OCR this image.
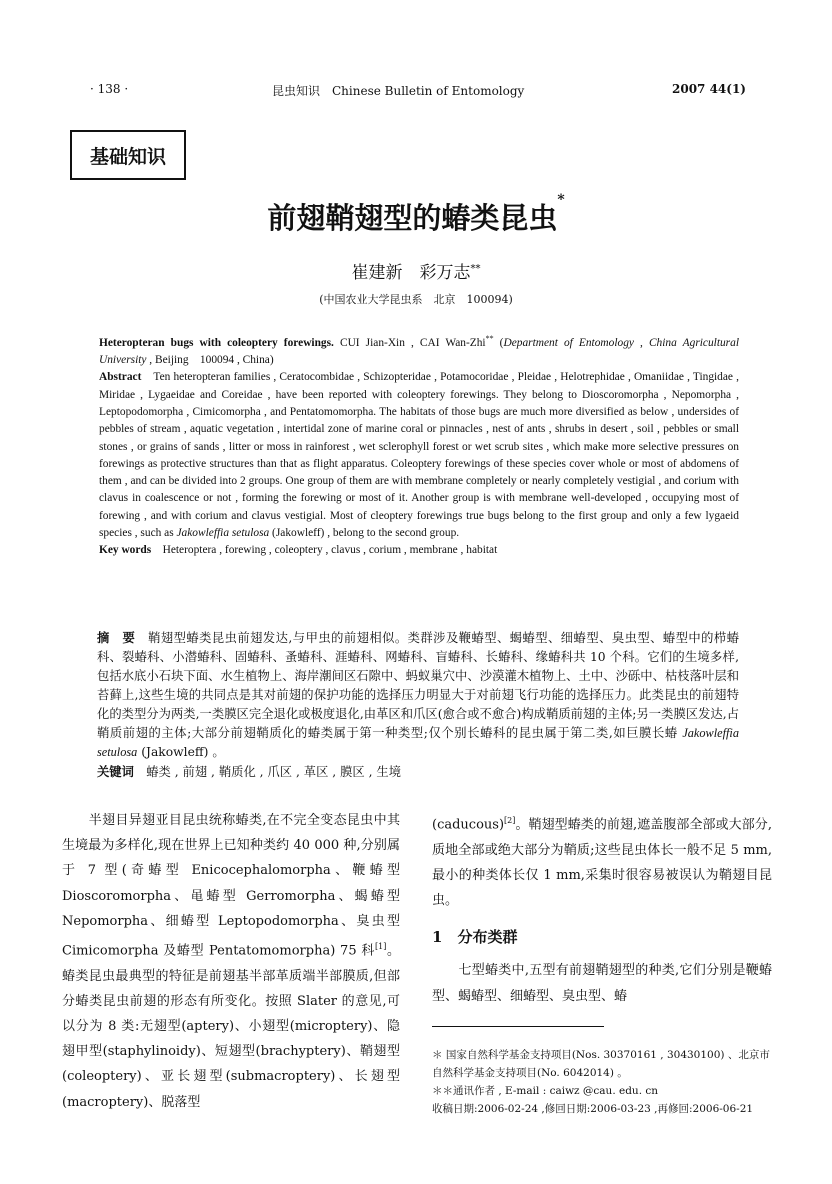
· 138 ·	昆虫知识　Chinese Bulletin of Entomology	2007 44(1)
基础知识
前翅鞘翅型的蝽类昆虫*
崔建新　彩万志**
(中国农业大学昆虫系　北京　100094)

Heteropteran bugs with coleoptery forewings. CUI Jian-Xin , CAI Wan-Zhi** (Department of Entomology , China Agricultural University , Beijing　100094 , China)

Abstract　Ten heteropteran families , Ceratocombidae , Schizopteridae , Potamocoridae , Pleidae , Helotrephidae , Omaniidae , Tingidae , Miridae , Lygaeidae and Coreidae , have been reported with coleoptery forewings. They belong to Dioscoromorpha , Nepomorpha , Leptopodomorpha , Cimicomorpha , and Pentatomomorpha. The habitats of those bugs are much more diversified as below , undersides of pebbles of stream , aquatic vegetation , intertidal zone of marine coral or pinnacles , nest of ants , shrubs in desert , soil , pebbles or small stones , or grains of sands , litter or moss in rainforest , wet sclerophyll forest or wet scrub sites , which make more selective pressures on forewings as protective structures than that as flight apparatus. Coleoptery forewings of these species cover whole or most of abdomens of them , and can be divided into 2 groups. One group of them are with membrane completely or nearly completely vestigial , and corium with clavus in coalescence or not , forming the forewing or most of it. Another group is with membrane well-developed , occupying most of forewing , and with corium and clavus vestigial. Most of cleoptery forewings true bugs belong to the first group and only a few lygaeid species , such as Jakowleffia setulosa (Jakowleff) , belong to the second group.

Key words　Heteroptera , forewing , coleoptery , clavus , corium , membrane , habitat

摘　要　鞘翅型蝽类昆虫前翅发达,与甲虫的前翅相似。类群涉及鞭蝽型、蝎蝽型、细蝽型、臭虫型、蝽型中的栉蝽科、裂蝽科、小潜蝽科、固蝽科、蚤蝽科、涯蝽科、网蝽科、盲蝽科、长蝽科、缘蝽科共 10 个科。它们的生境多样,包括水底小石块下面、水生植物上、海岸潮间区石隙中、蚂蚁巢穴中、沙漠灌木植物上、土中、沙砾中、枯枝落叶层和苔藓上,这些生境的共同点是其对前翅的保护功能的选择压力明显大于对前翅飞行功能的选择压力。此类昆虫的前翅特化的类型分为两类,一类膜区完全退化或极度退化,由革区和爪区(愈合或不愈合)构成鞘质前翅的主体;另一类膜区发达,占鞘质前翅的主体;大部分前翅鞘质化的蝽类属于第一种类型;仅个别长蝽科的昆虫属于第二类,如巨膜长蝽 Jakowleffia setulosa (Jakowleff) 。

关键词　蝽类 , 前翅 , 鞘质化 , 爪区 , 革区 , 膜区 , 生境

　　半翅目异翅亚目昆虫统称蝽类,在不完全变态昆虫中其生境最为多样化,现在世界上已知种类约 40 000 种,分别属于 7 型(奇蝽型 Enicocephalomorpha、鞭蝽型 Dioscoromorpha、黾蝽型 Gerromorpha、蝎蝽型 Nepomorpha、细蝽型 Leptopodomorpha、臭虫型 Cimicomorpha 及蝽型 Pentatomomorpha) 75 科[1]。蝽类昆虫最典型的特征是前翅基半部革质端半部膜质,但部分蝽类昆虫前翅的形态有所变化。按照 Slater 的意见,可以分为 8 类:无翅型(aptery)、小翅型(microptery)、隐翅甲型(staphylinoidy)、短翅型(brachyptery)、鞘翅型(coleoptery)、亚长翅型(submacroptery)、长翅型(macroptery)、脱落型

(caducous)[2]。鞘翅型蝽类的前翅,遮盖腹部全部或大部分,质地全部或绝大部分为鞘质;这些昆虫体长一般不足 5 mm,最小的种类体长仅 1 mm,采集时很容易被误认为鞘翅目昆虫。

1　 分布类群

　　七型蝽类中,五型有前翅鞘翅型的种类,它们分别是鞭蝽型、蝎蝽型、细蝽型、臭虫型、蝽

＊ 国家自然科学基金支持项目(Nos. 30370161 , 30430100) 、北京市自然科学基金支持项目(No. 6042014) 。

＊＊通讯作者 , E-mail : caiwz @cau. edu. cn

收稿日期:2006-02-24 ,修回日期:2006-03-23 ,再修回:2006-06-21
